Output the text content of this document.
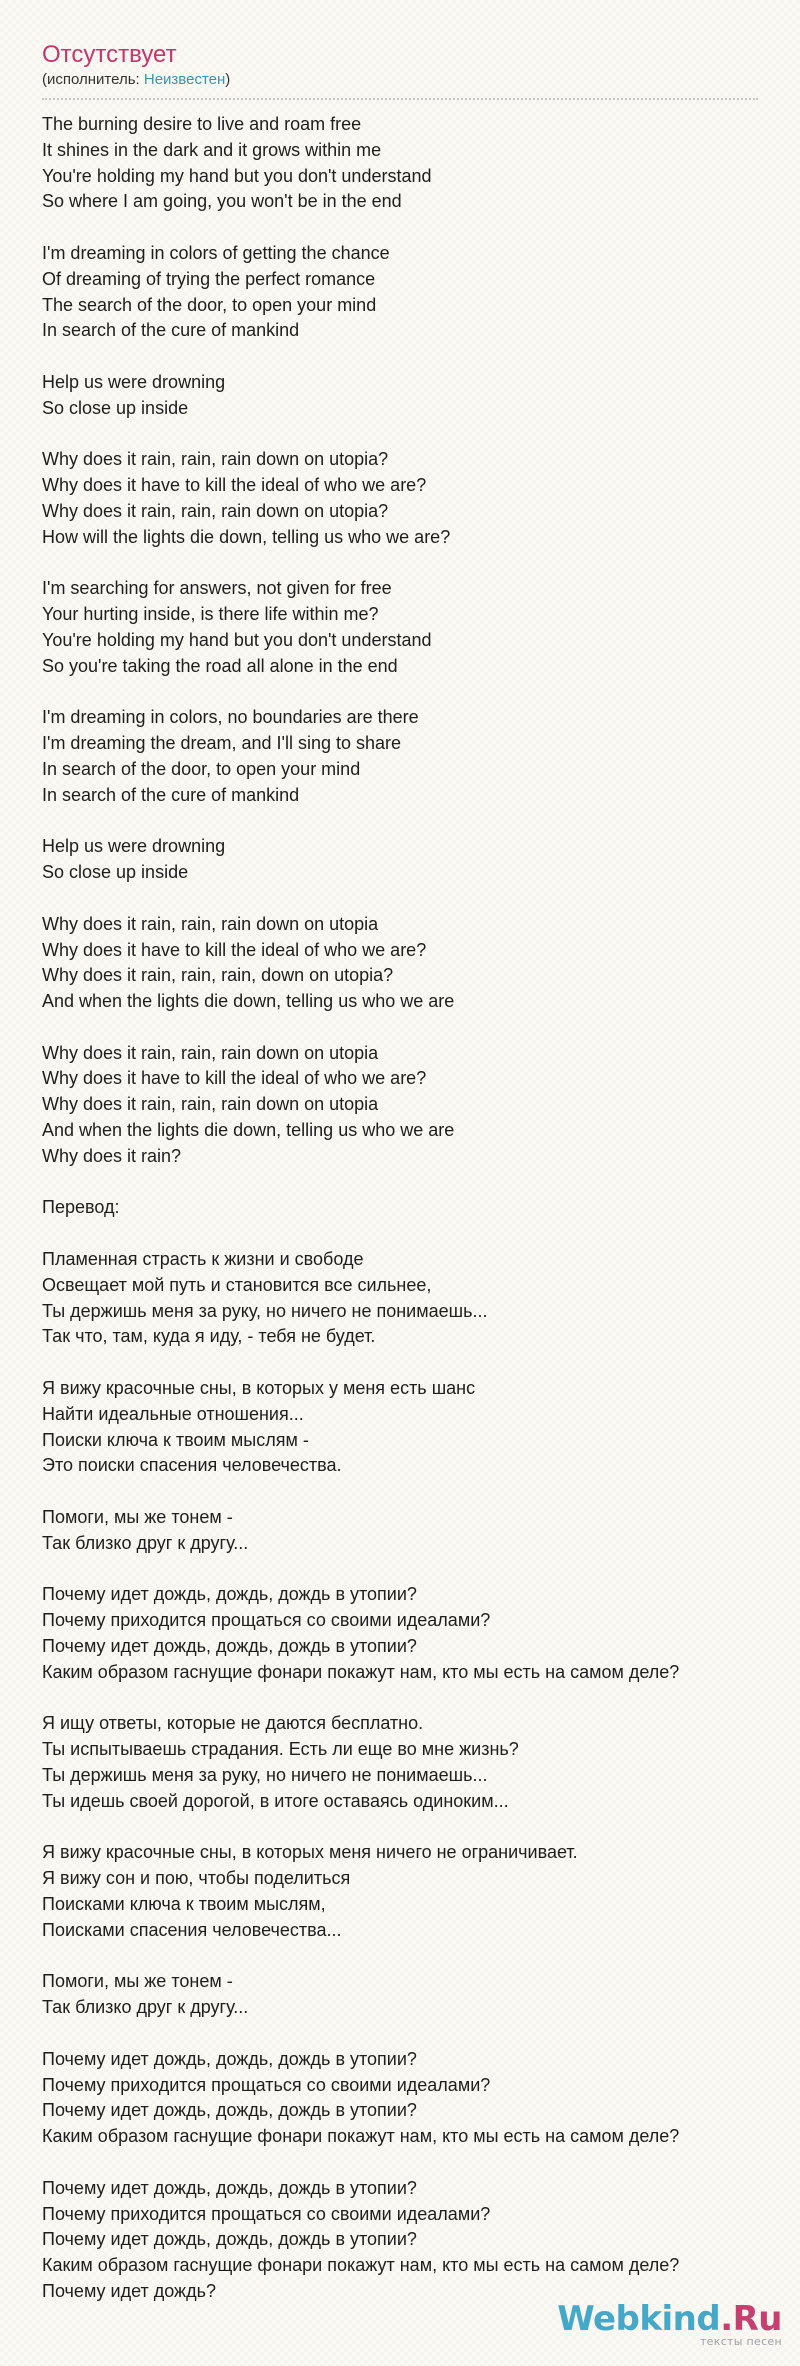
Отсутствует

(исполнитель: Неизвестен)

The burning desire to live and roam free
It shines in the dark and it grows within me
You're holding my hand but you don't understand
So where I am going, you won't be in the end
I'm dreaming in colors of getting the chance
Of dreaming of trying the perfect romance
The search of the door, to open your mind
In search of the cure of mankind
Help us were drowning
So close up inside
Why does it rain, rain, rain down on utopia?
Why does it have to kill the ideal of who we are?
Why does it rain, rain, rain down on utopia?
How will the lights die down, telling us who we are?
I'm searching for answers, not given for free
Your hurting inside, is there life within me?
You're holding my hand but you don't understand
So you're taking the road all alone in the end
I'm dreaming in colors, no boundaries are there
I'm dreaming the dream, and I'll sing to share
In search of the door, to open your mind
In search of the cure of mankind
Help us were drowning
So close up inside
Why does it rain, rain, rain down on utopia
Why does it have to kill the ideal of who we are?
Why does it rain, rain, rain, down on utopia?
And when the lights die down, telling us who we are
Why does it rain, rain, rain down on utopia
Why does it have to kill the ideal of who we are?
Why does it rain, rain, rain down on utopia
And when the lights die down, telling us who we are
Why does it rain?
Перевод:
Пламенная страсть к жизни и свободе
Освещает мой путь и становится все сильнее,
Ты держишь меня за руку, но ничего не понимаешь...
Так что, там, куда я иду, - тебя не будет.
Я вижу красочные сны, в которых у меня есть шанс
Найти идеальные отношения...
Поиски ключа к твоим мыслям -
Это поиски спасения человечества.
Помоги, мы же тонем -
Так близко друг к другу...
Почему идет дождь, дождь, дождь в утопии?
Почему приходится прощаться со своими идеалами?
Почему идет дождь, дождь, дождь в утопии?
Каким образом гаснущие фонари покажут нам, кто мы есть на самом деле?
Я ищу ответы, которые не даются бесплатно.
Ты испытываешь страдания. Есть ли еще во мне жизнь?
Ты держишь меня за руку, но ничего не понимаешь...
Ты идешь своей дорогой, в итоге оставаясь одиноким...
Я вижу красочные сны, в которых меня ничего не ограничивает.
Я вижу сон и пою, чтобы поделиться
Поисками ключа к твоим мыслям,
Поисками спасения человечества...
Помоги, мы же тонем -
Так близко друг к другу...
Почему идет дождь, дождь, дождь в утопии?
Почему приходится прощаться со своими идеалами?
Почему идет дождь, дождь, дождь в утопии?
Каким образом гаснущие фонари покажут нам, кто мы есть на самом деле?
Почему идет дождь, дождь, дождь в утопии?
Почему приходится прощаться со своими идеалами?
Почему идет дождь, дождь, дождь в утопии?
Каким образом гаснущие фонари покажут нам, кто мы есть на самом деле?
Почему идет дождь?
Webkind.Ru
тексты песен
